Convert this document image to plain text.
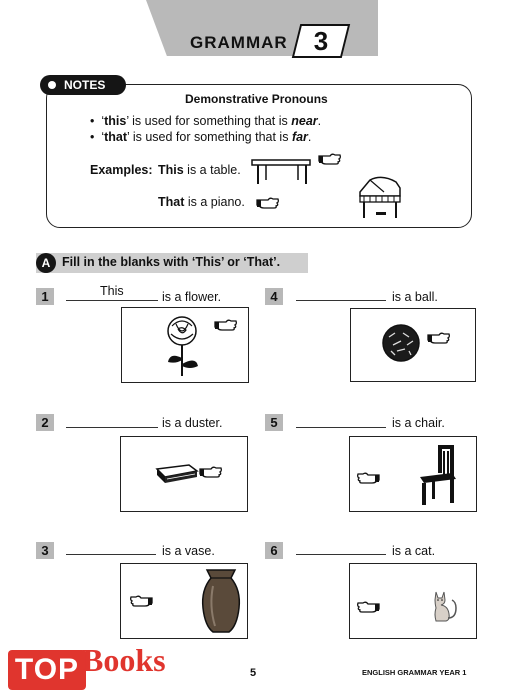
GRAMMAR	3
NOTES
Demonstrative Pronouns
•  ‘this’ is used for something that is near.
•  ‘that’ is used for something that is far.
Examples: This is a table.
That is a piano.
A Fill in the blanks with ‘This’ or ‘That’.
1	This	is a flower.	4	is a ball.
2	is a duster.	5	is a chair.
3	is a vase.	6	is a cat.
5	ENGLISH GRAMMAR YEAR 1
TOP Books
